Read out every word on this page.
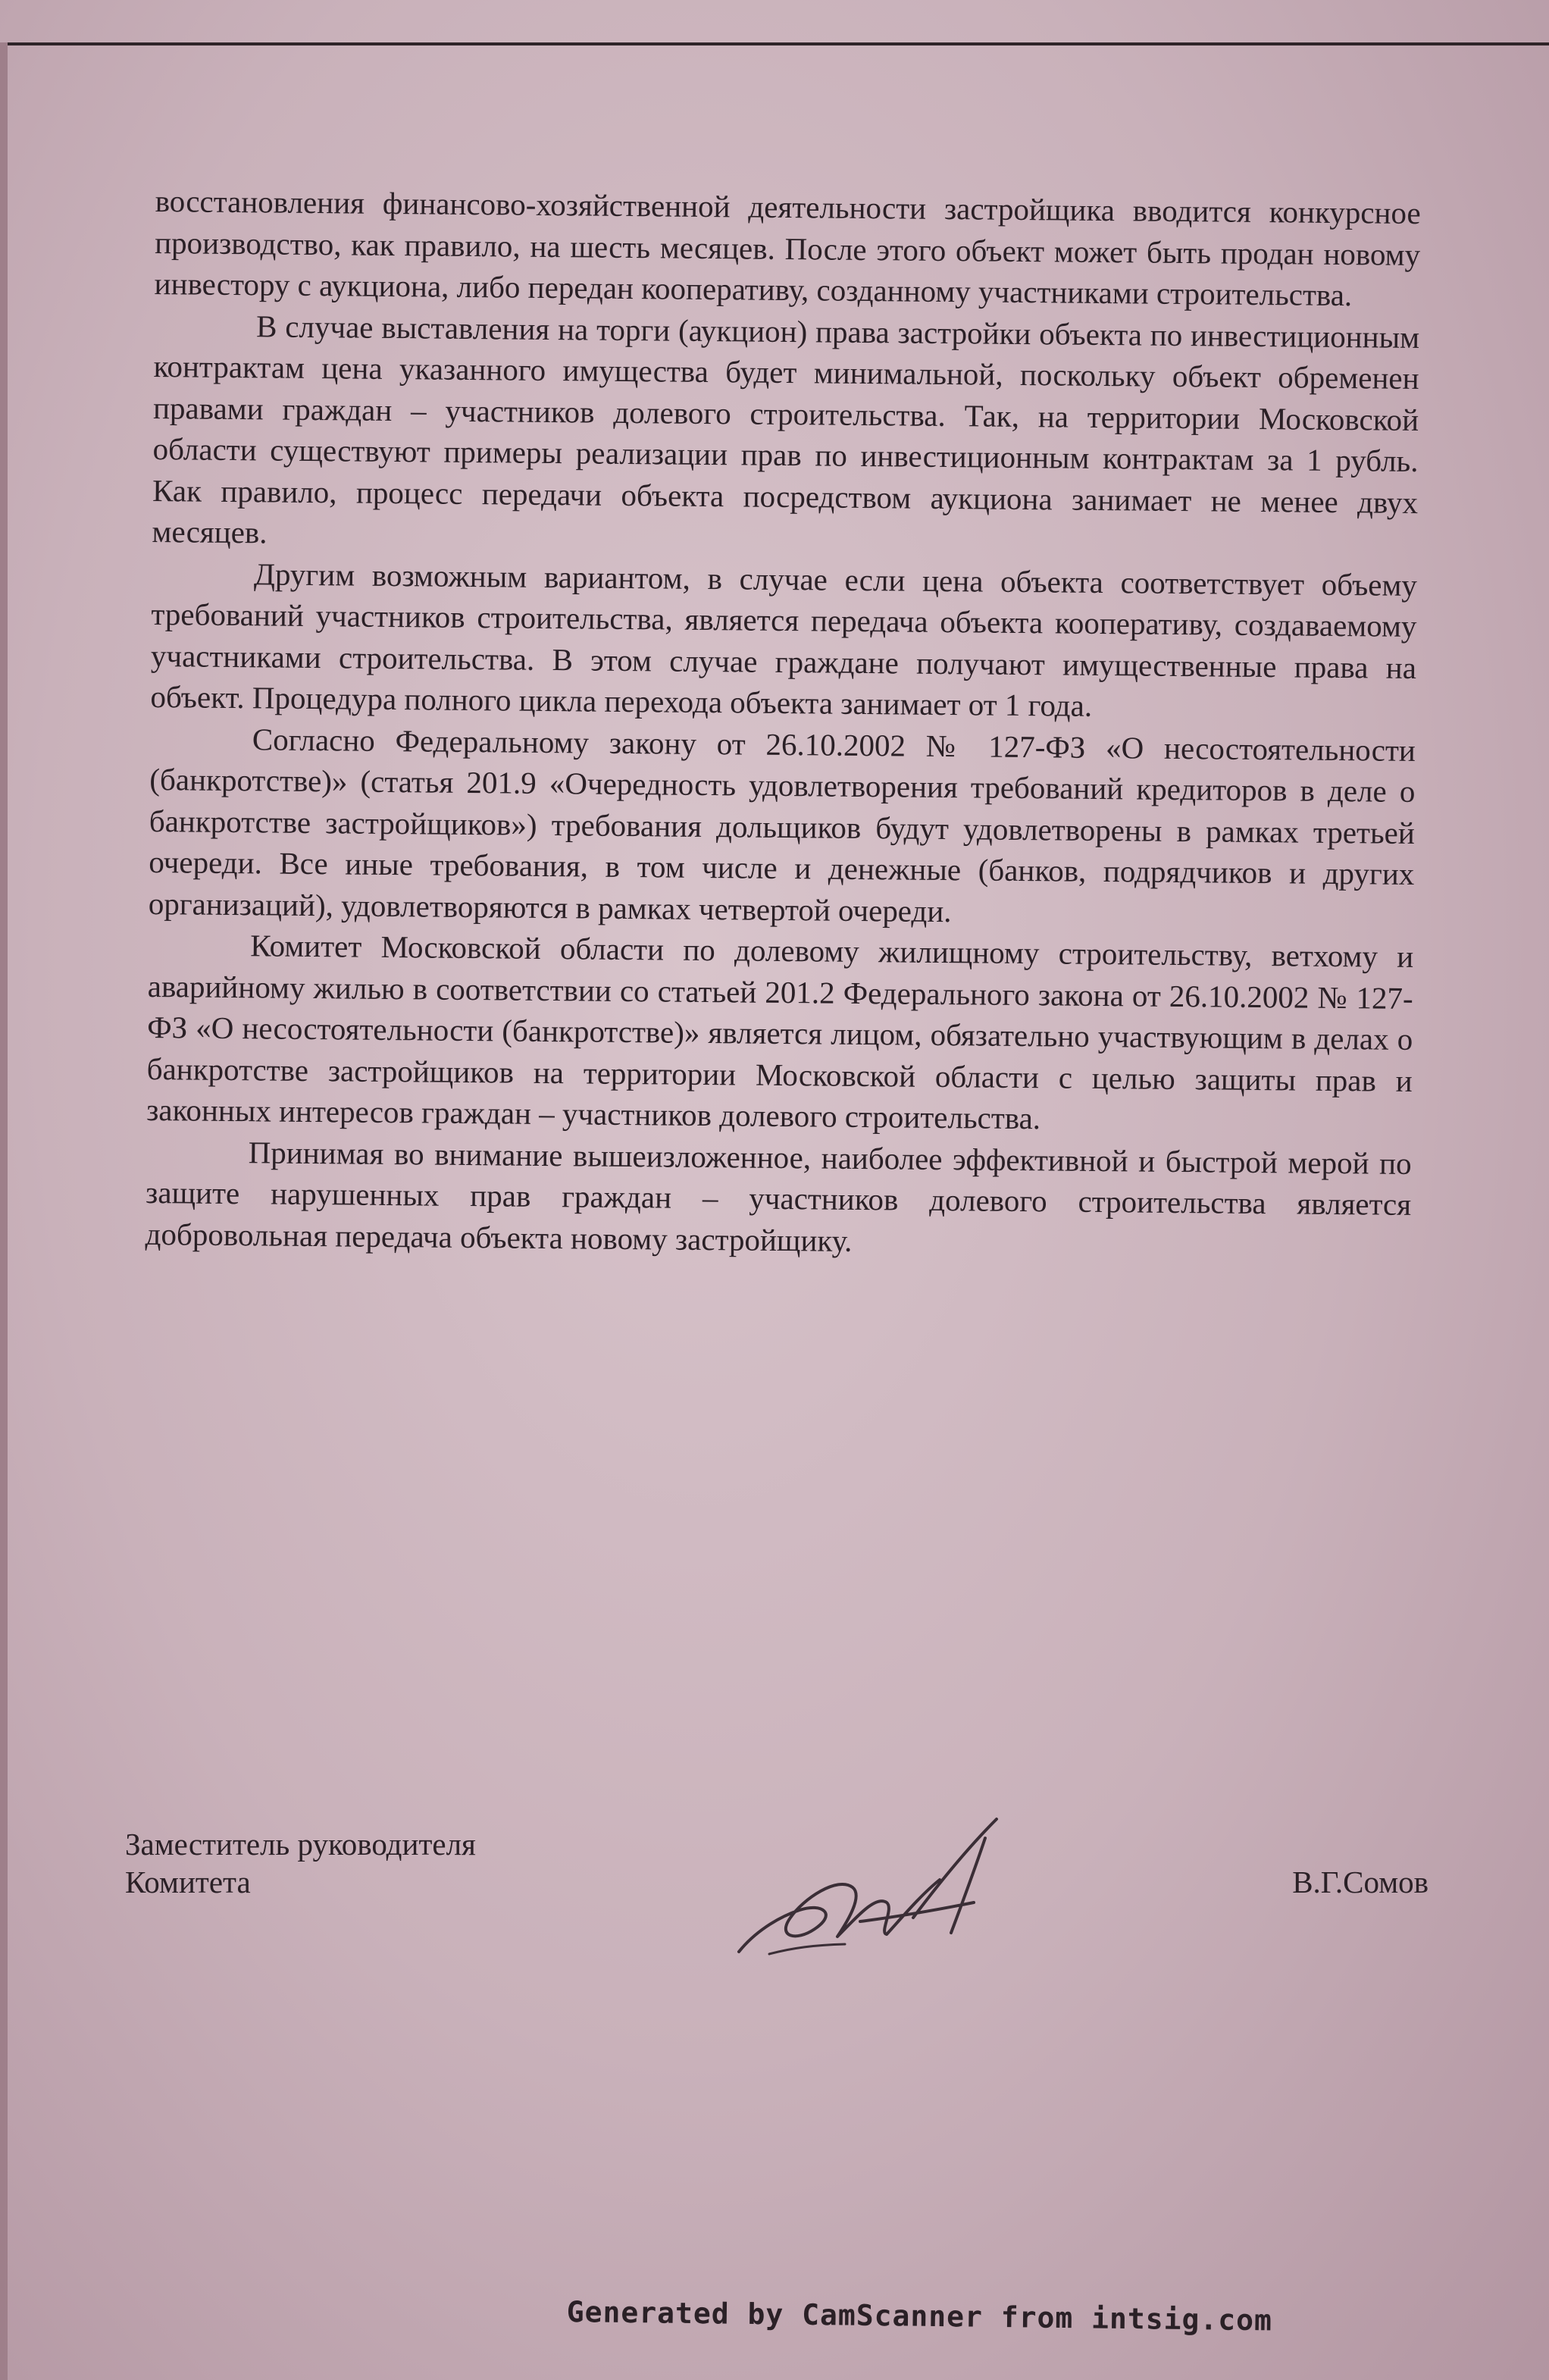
восстановления финансово-хозяйственной деятельности застройщика вводится конкурсное производство, как правило, на шесть месяцев. После этого объект может быть продан новому инвестору с аукциона, либо передан кооперативу, созданному участниками строительства.

В случае выставления на торги (аукцион) права застройки объекта по инвестиционным контрактам цена указанного имущества будет минимальной, поскольку объект обременен правами граждан – участников долевого строительства. Так, на территории Московской области существуют примеры реализации прав по инвестиционным контрактам за 1 рубль. Как правило, процесс передачи объекта посредством аукциона занимает не менее двух месяцев.

Другим возможным вариантом, в случае если цена объекта соответствует объему требований участников строительства, является передача объекта кооперативу, создаваемому участниками строительства. В этом случае граждане получают имущественные права на объект. Процедура полного цикла перехода объекта занимает от 1 года.

Согласно Федеральному закону от 26.10.2002 № 127-ФЗ «О несостоятельности (банкротстве)» (статья 201.9 «Очередность удовлетворения требований кредиторов в деле о банкротстве застройщиков») требования дольщиков будут удовлетворены в рамках третьей очереди. Все иные требования, в том числе и денежные (банков, подрядчиков и других организаций), удовлетворяются в рамках четвертой очереди.

Комитет Московской области по долевому жилищному строительству, ветхому и аварийному жилью в соответствии со статьей 201.2 Федерального закона от 26.10.2002 № 127-ФЗ «О несостоятельности (банкротстве)» является лицом, обязательно участвующим в делах о банкротстве застройщиков на территории Московской области с целью защиты прав и законных интересов граждан – участников долевого строительства.

Принимая во внимание вышеизложенное, наиболее эффективной и быстрой мерой по защите нарушенных прав граждан – участников долевого строительства является добровольная передача объекта новому застройщику.

Заместитель руководителя
Комитета	В.Г.Сомов
Generated by CamScanner from intsig.com
